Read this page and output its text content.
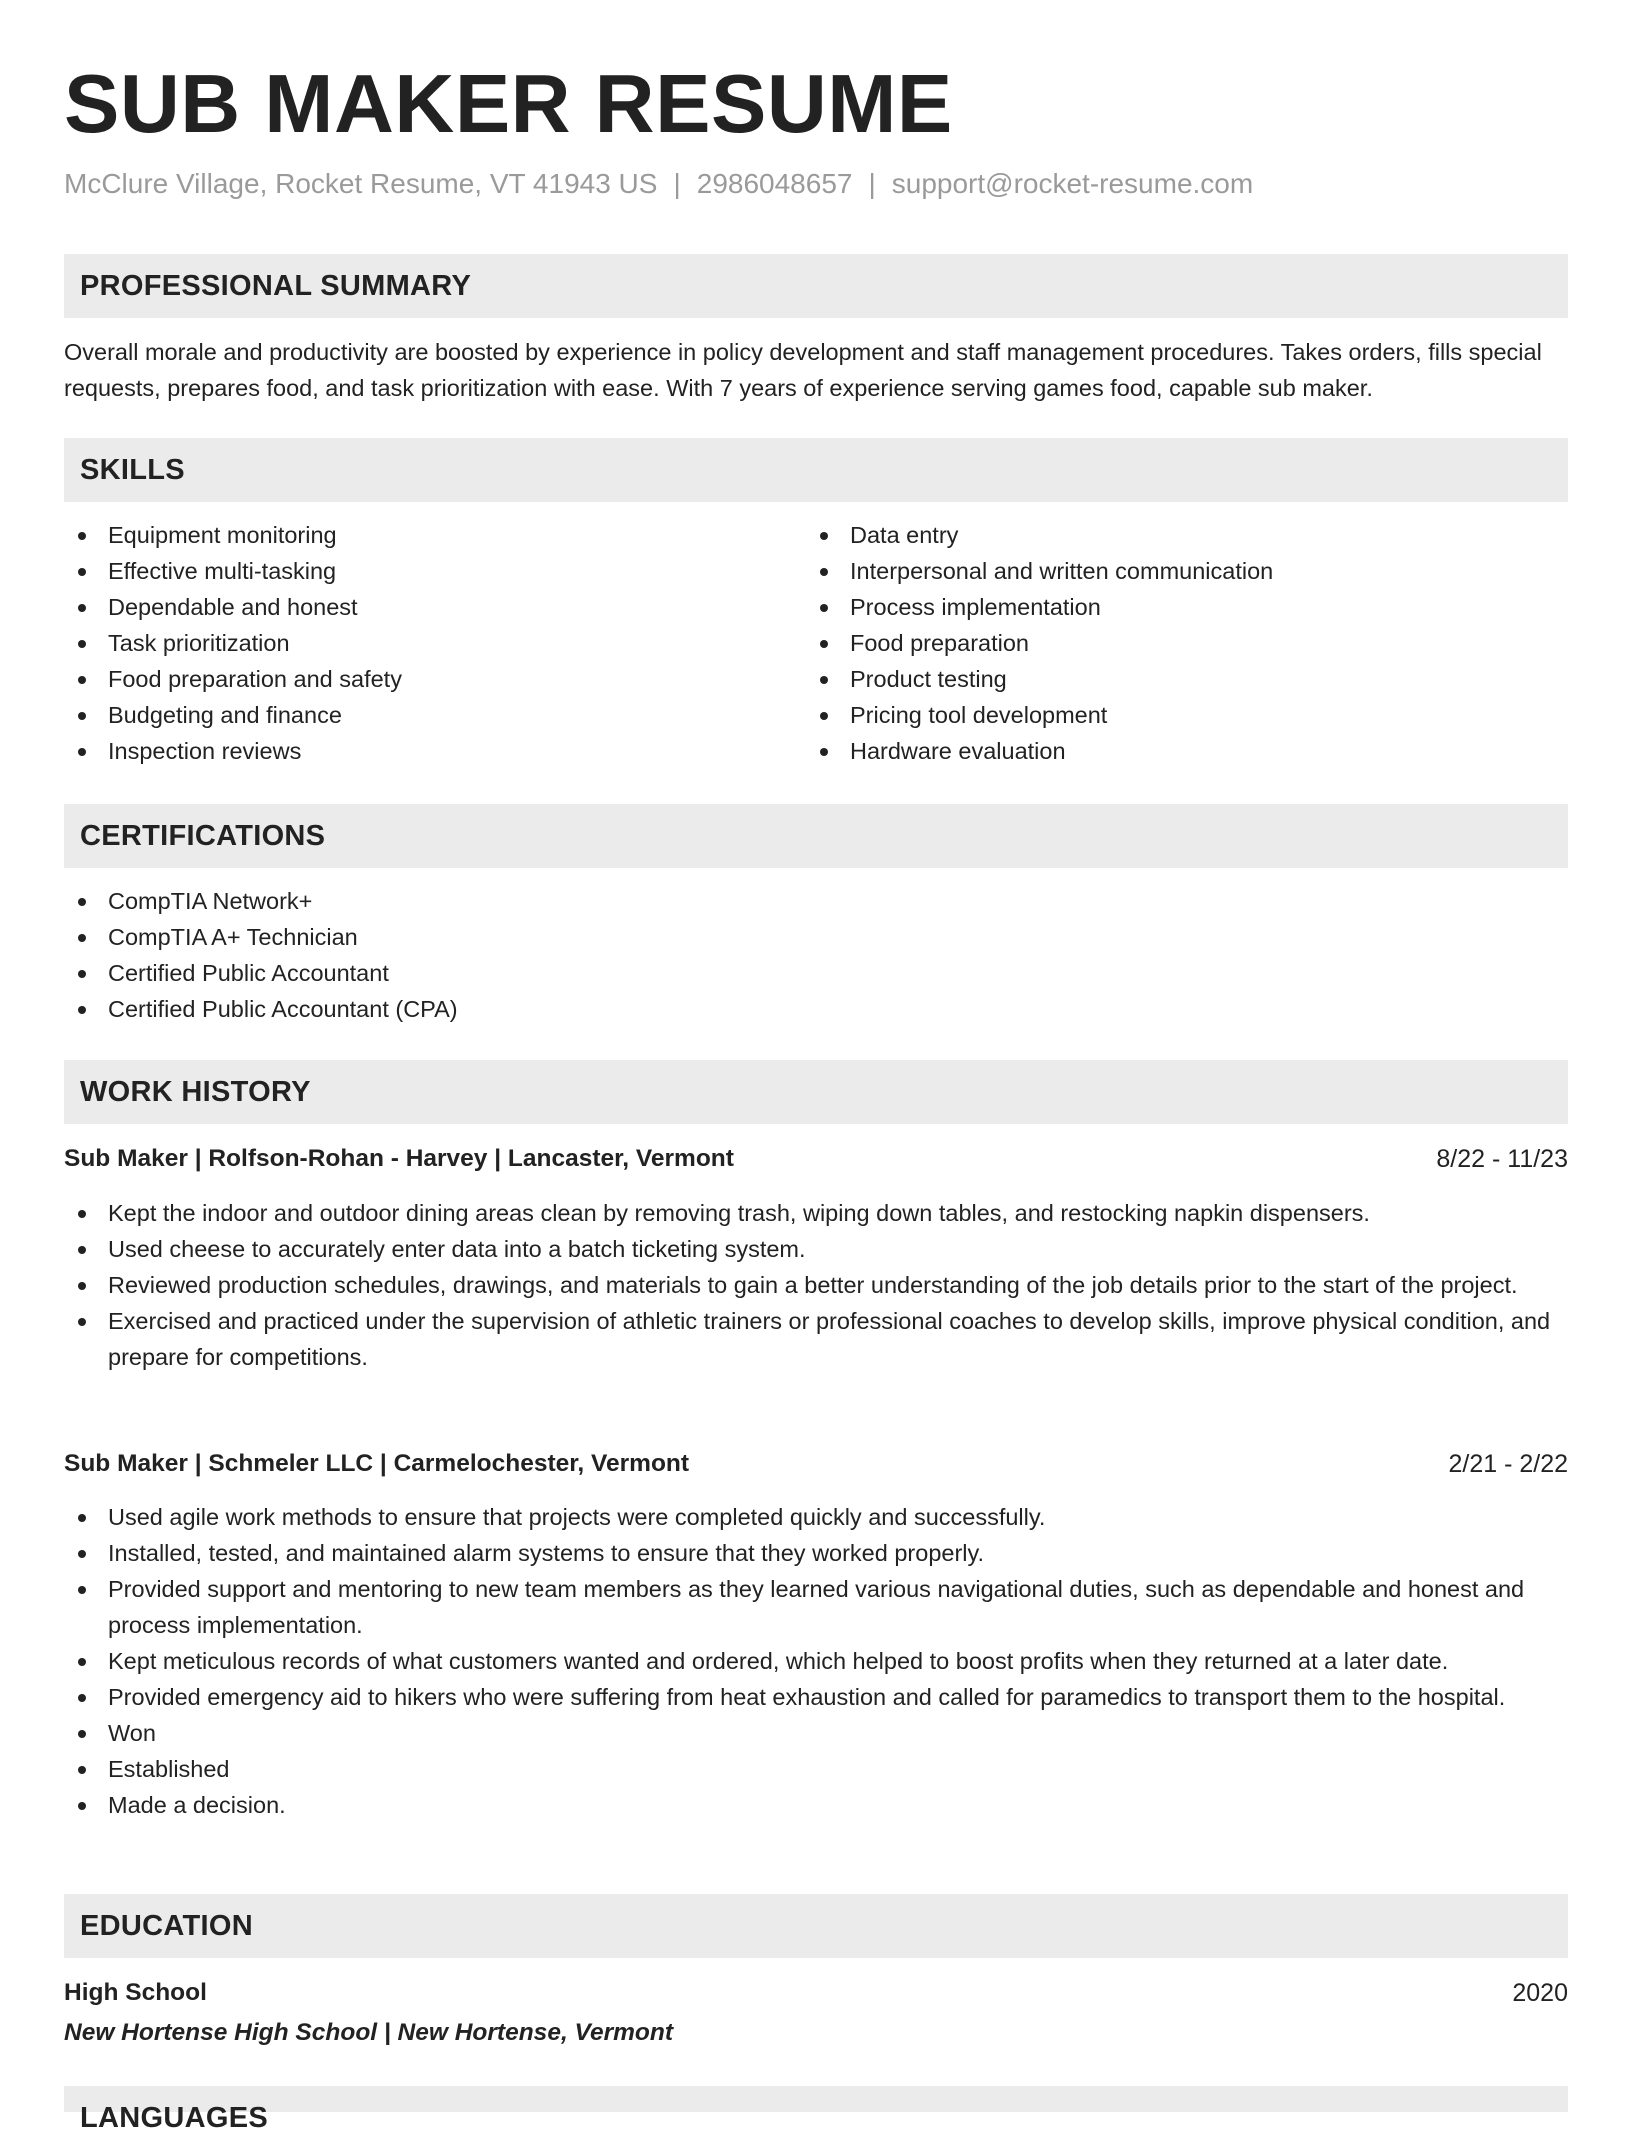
SUB MAKER RESUME
McClure Village, Rocket Resume, VT 41943 US | 2986048657 | support@rocket-resume.com
PROFESSIONAL SUMMARY
Overall morale and productivity are boosted by experience in policy development and staff management procedures. Takes orders, fills special requests, prepares food, and task prioritization with ease. With 7 years of experience serving games food, capable sub maker.
SKILLS
Equipment monitoring
Effective multi-tasking
Dependable and honest
Task prioritization
Food preparation and safety
Budgeting and finance
Inspection reviews
Data entry
Interpersonal and written communication
Process implementation
Food preparation
Product testing
Pricing tool development
Hardware evaluation
CERTIFICATIONS
CompTIA Network+
CompTIA A+ Technician
Certified Public Accountant
Certified Public Accountant (CPA)
WORK HISTORY
Sub Maker | Rolfson-Rohan - Harvey | Lancaster, Vermont	8/22 - 11/23
Kept the indoor and outdoor dining areas clean by removing trash, wiping down tables, and restocking napkin dispensers.
Used cheese to accurately enter data into a batch ticketing system.
Reviewed production schedules, drawings, and materials to gain a better understanding of the job details prior to the start of the project.
Exercised and practiced under the supervision of athletic trainers or professional coaches to develop skills, improve physical condition, and prepare for competitions.
Sub Maker | Schmeler LLC | Carmelochester, Vermont	2/21 - 2/22
Used agile work methods to ensure that projects were completed quickly and successfully.
Installed, tested, and maintained alarm systems to ensure that they worked properly.
Provided support and mentoring to new team members as they learned various navigational duties, such as dependable and honest and process implementation.
Kept meticulous records of what customers wanted and ordered, which helped to boost profits when they returned at a later date.
Provided emergency aid to hikers who were suffering from heat exhaustion and called for paramedics to transport them to the hospital.
Won
Established
Made a decision.
EDUCATION
High School	2020
New Hortense High School | New Hortense, Vermont
LANGUAGES
